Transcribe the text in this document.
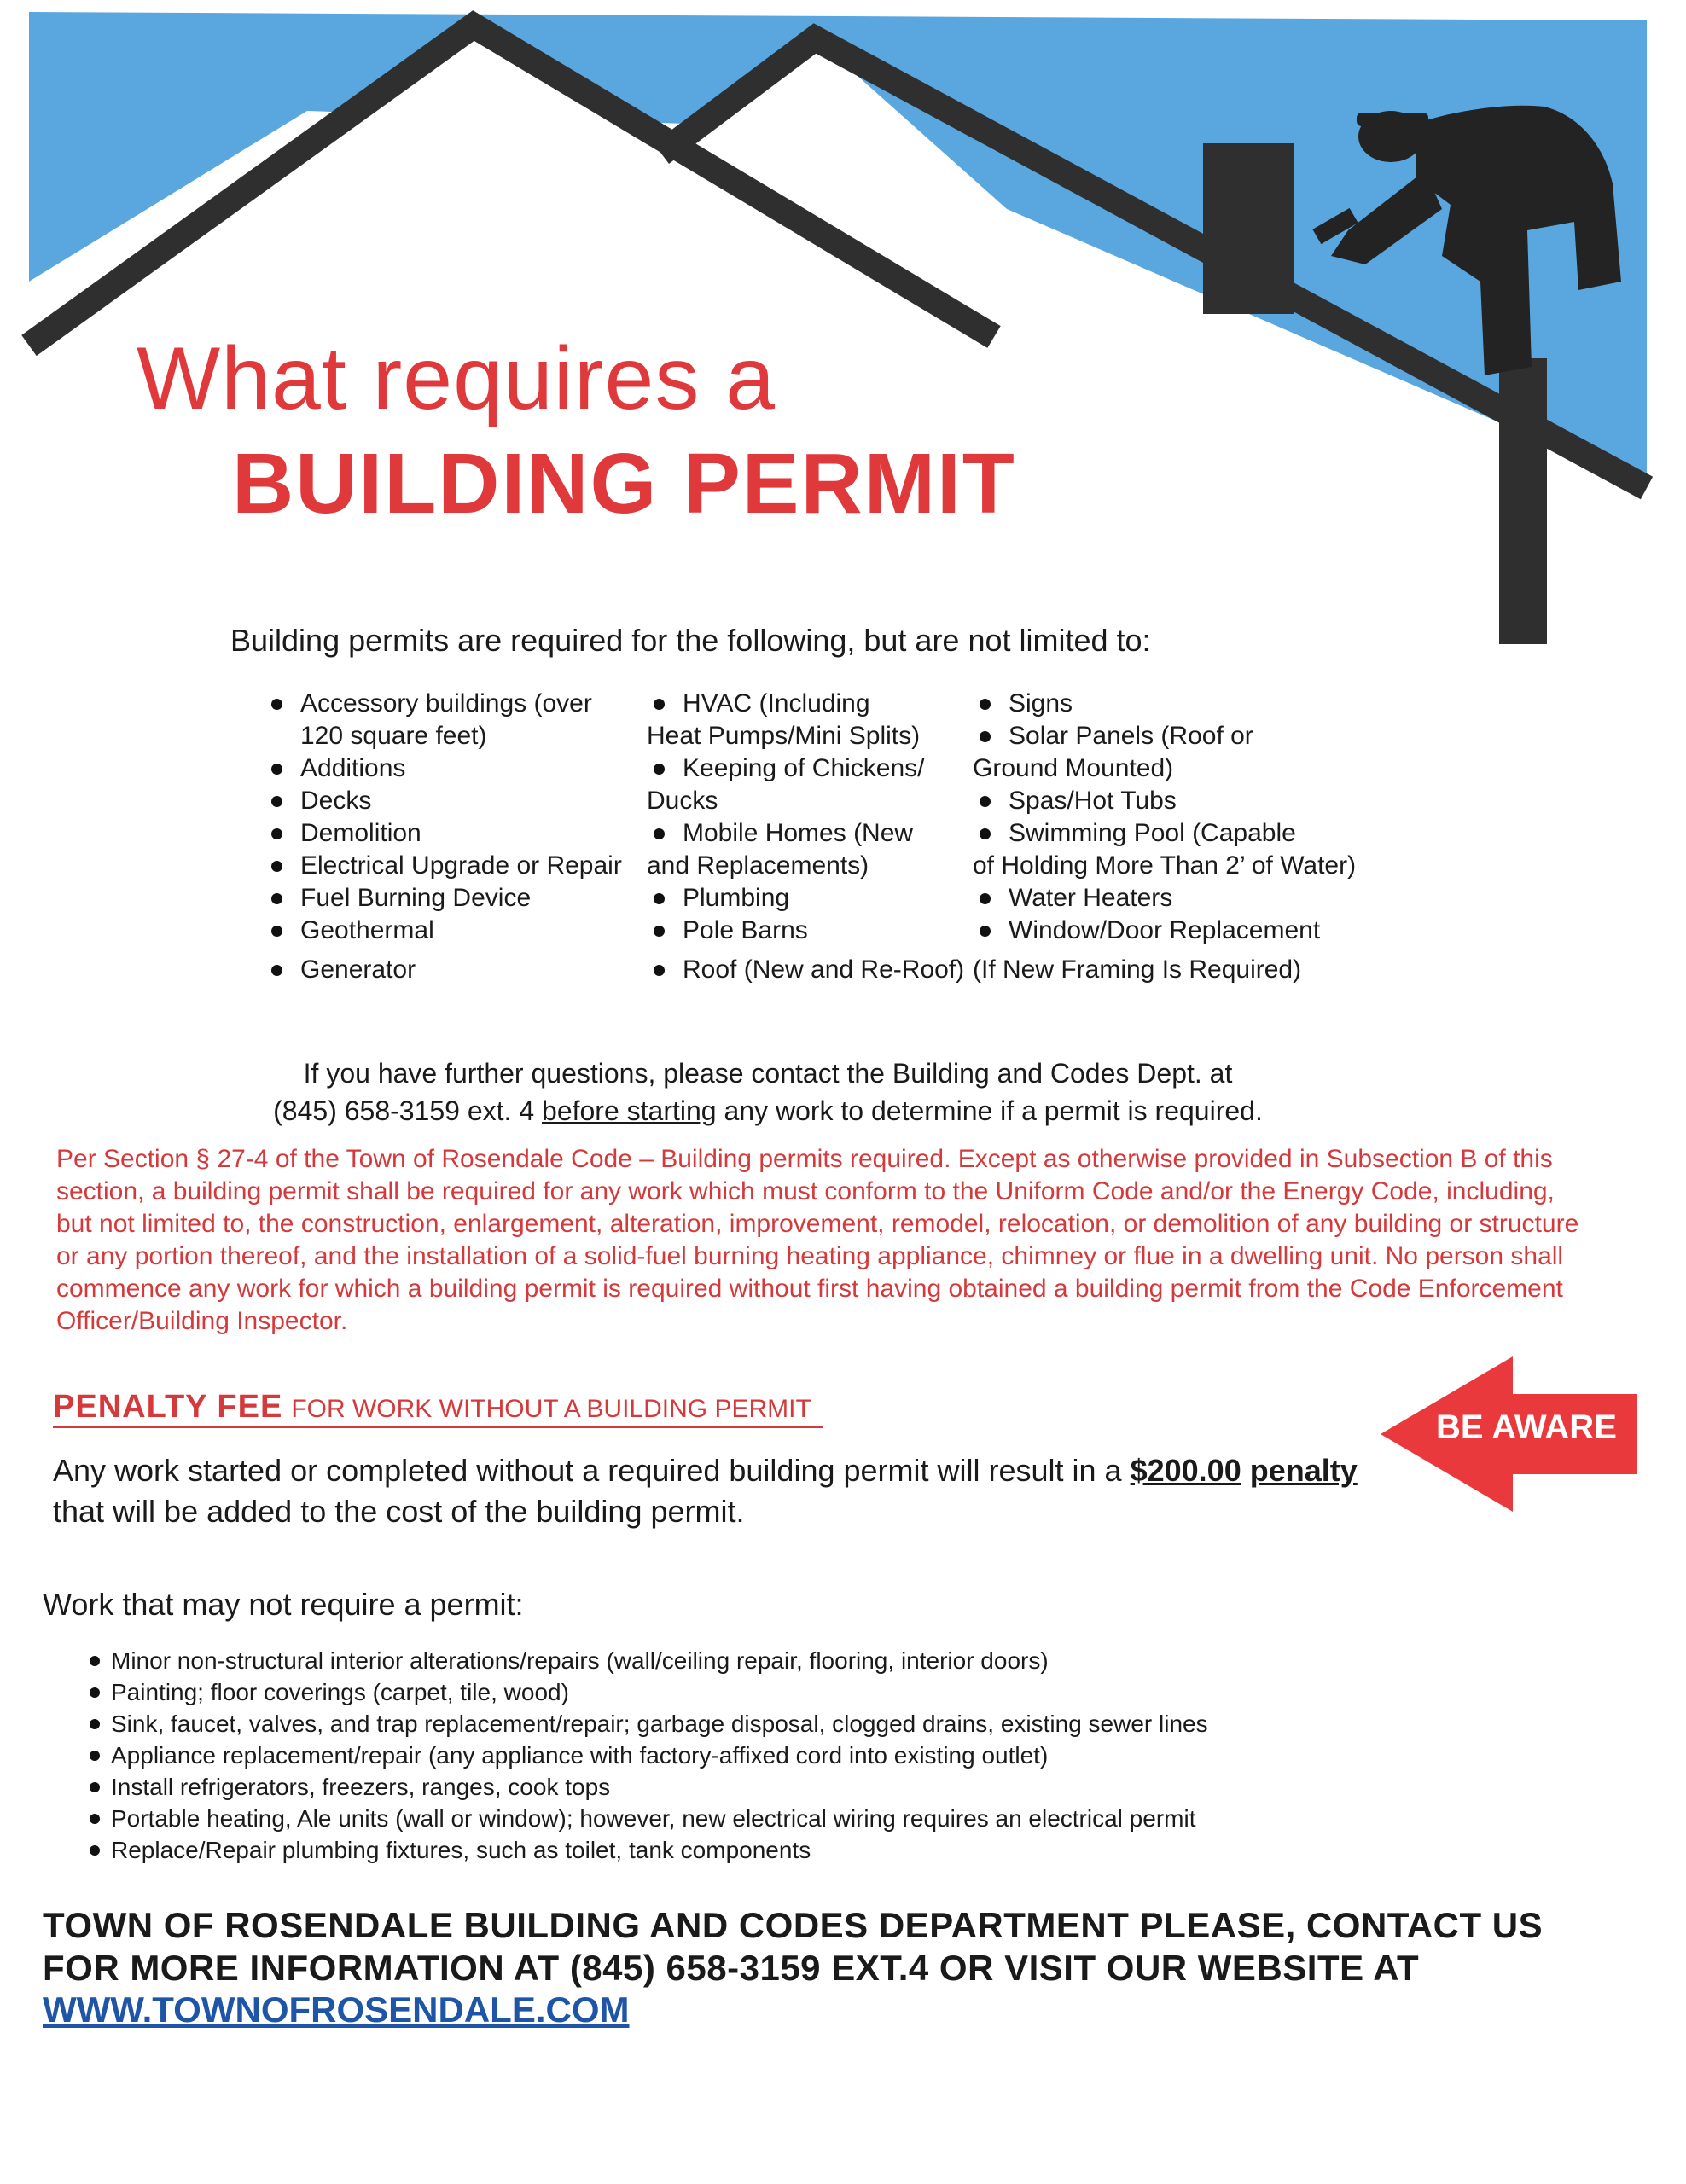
What requires a
BUILDING PERMIT
Building permits are required for the following, but are not limited to:
Accessory buildings (over
120 square feet)
Additions
Decks
Demolition
Electrical Upgrade or Repair
Fuel Burning Device
Geothermal
Generator
HVAC (Including
Heat Pumps/Mini Splits)
Keeping of Chickens/
Ducks
Mobile Homes (New
and Replacements)
Plumbing
Pole Barns
Roof (New and Re-Roof)
Signs
Solar Panels (Roof or
Ground Mounted)
Spas/Hot Tubs
Swimming Pool (Capable
of Holding More Than 2’ of Water)
Water Heaters
Window/Door Replacement
(If New Framing Is Required)
If you have further questions, please contact the Building and Codes Dept. at
(845) 658-3159 ext. 4 before starting any work to determine if a permit is required.
Per Section § 27-4 of the Town of Rosendale Code – Building permits required. Except as otherwise provided in Subsection B of this section, a building permit shall be required for any work which must conform to the Uniform Code and/or the Energy Code, including, but not limited to, the construction, enlargement, alteration, improvement, remodel, relocation, or demolition of any building or structure or any portion thereof, and the installation of a solid-fuel burning heating appliance, chimney or flue in a dwelling unit. No person shall commence any work for which a building permit is required without first having obtained a building permit from the Code Enforcement Officer/Building Inspector.
PENALTY FEE FOR WORK WITHOUT A BUILDING PERMIT	BE AWARE
Any work started or completed without a required building permit will result in a $200.00 penalty that will be added to the cost of the building permit.
Work that may not require a permit:
Minor non-structural interior alterations/repairs (wall/ceiling repair, flooring, interior doors)
Painting; floor coverings (carpet, tile, wood)
Sink, faucet, valves, and trap replacement/repair; garbage disposal, clogged drains, existing sewer lines
Appliance replacement/repair (any appliance with factory-affixed cord into existing outlet)
Install refrigerators, freezers, ranges, cook tops
Portable heating, Ale units (wall or window); however, new electrical wiring requires an electrical permit
Replace/Repair plumbing fixtures, such as toilet, tank components
TOWN OF ROSENDALE BUILDING AND CODES DEPARTMENT PLEASE, CONTACT US FOR MORE INFORMATION AT (845) 658-3159 EXT.4 OR VISIT OUR WEBSITE AT
WWW.TOWNOFROSENDALE.COM
